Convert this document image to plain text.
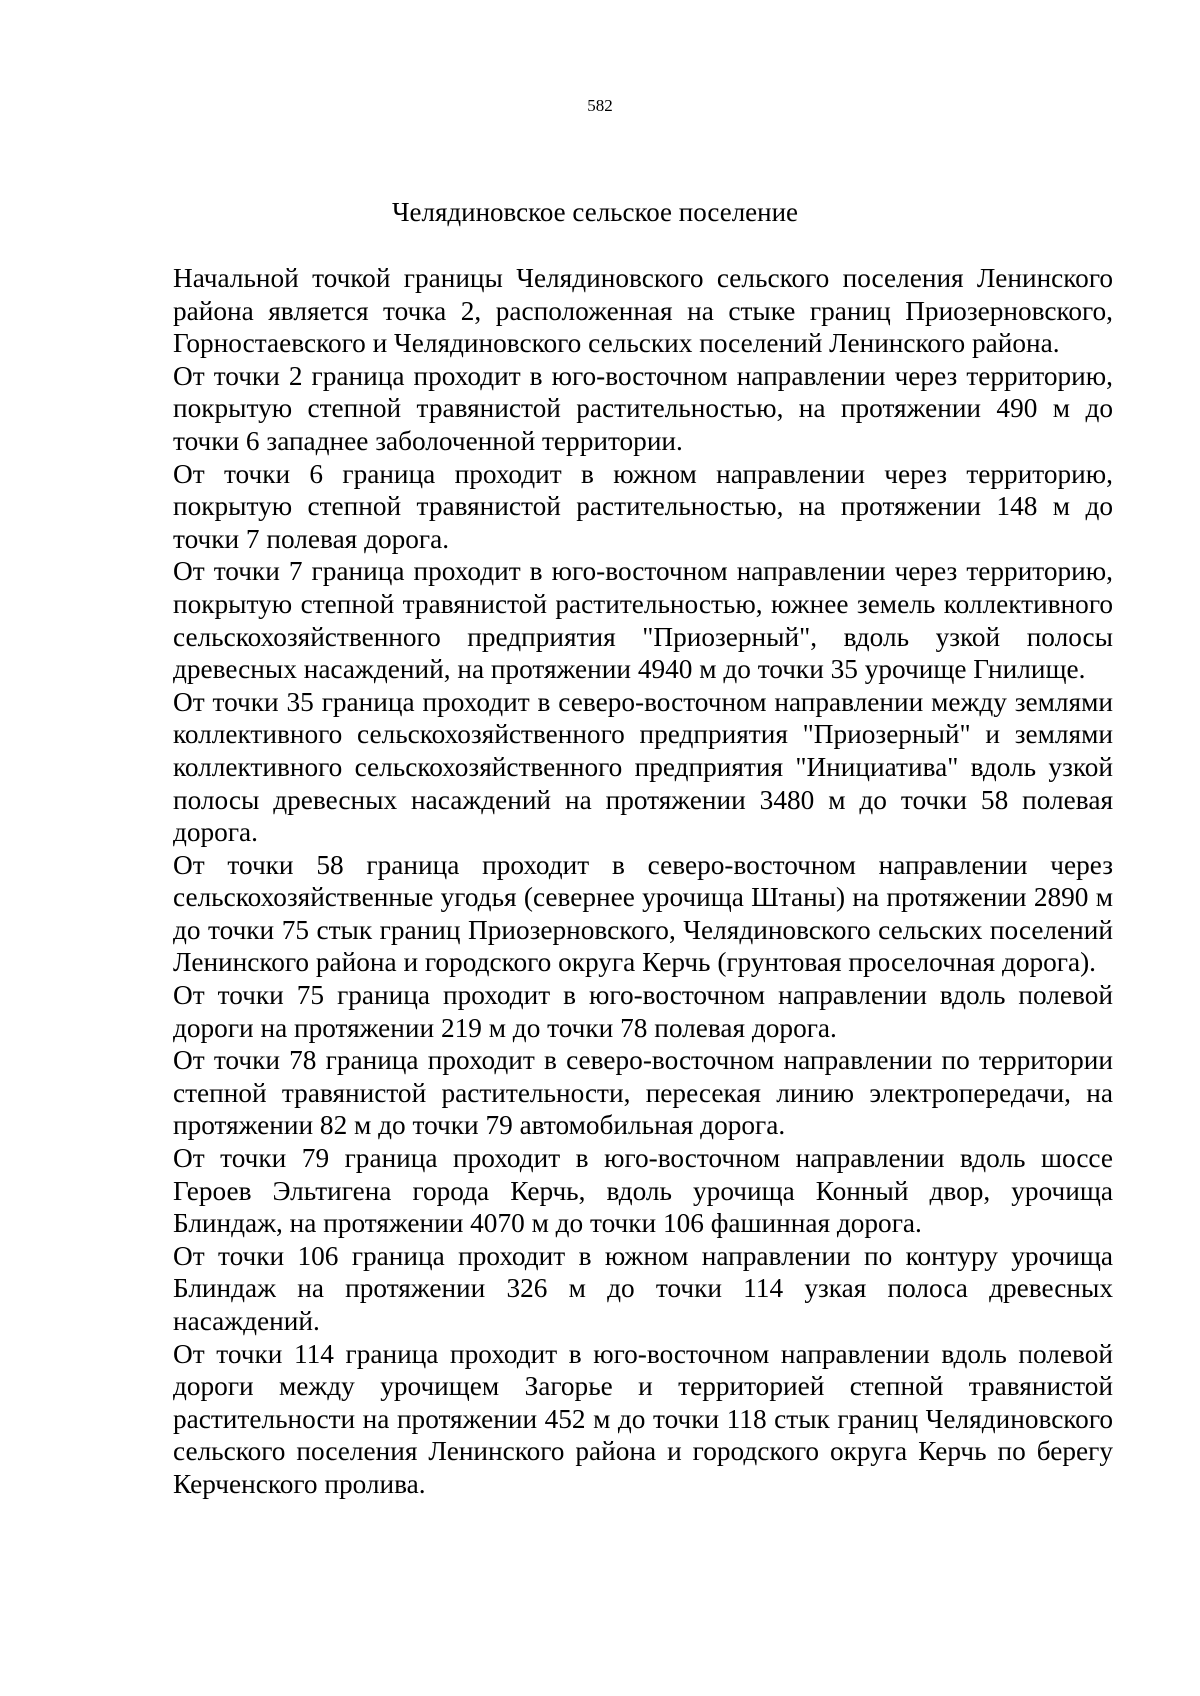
582
Челядиновское сельское поселение

Начальной точкой границы Челядиновского сельского поселения Ленинского района является точка 2, расположенная на стыке границ Приозерновского, Горностаевского и Челядиновского сельских поселений Ленинского района.

От точки 2 граница проходит в юго-восточном направлении через территорию, покрытую степной травянистой растительностью, на протяжении 490 м до точки 6 западнее заболоченной территории.

От точки 6 граница проходит в южном направлении через территорию, покрытую степной травянистой растительностью, на протяжении 148 м до точки 7 полевая дорога.

От точки 7 граница проходит в юго-восточном направлении через территорию, покрытую степной травянистой растительностью, южнее земель коллективного сельскохозяйственного предприятия "Приозерный", вдоль узкой полосы древесных насаждений, на протяжении 4940 м до точки 35 урочище Гнилище.

От точки 35 граница проходит в северо-восточном направлении между землями коллективного сельскохозяйственного предприятия "Приозерный" и землями коллективного сельскохозяйственного предприятия "Инициатива" вдоль узкой полосы древесных насаждений на протяжении 3480 м до точки 58 полевая дорога.

От точки 58 граница проходит в северо-восточном направлении через сельскохозяйственные угодья (севернее урочища Штаны) на протяжении 2890 м до точки 75 стык границ Приозерновского, Челядиновского сельских поселений Ленинского района и городского округа Керчь (грунтовая проселочная дорога).

От точки 75 граница проходит в юго-восточном направлении вдоль полевой дороги на протяжении 219 м до точки 78 полевая дорога.

От точки 78 граница проходит в северо-восточном направлении по территории степной травянистой растительности, пересекая линию электропередачи, на протяжении 82 м до точки 79 автомобильная дорога.

От точки 79 граница проходит в юго-восточном направлении вдоль шоссе Героев Эльтигена города Керчь, вдоль урочища Конный двор, урочища Блиндаж, на протяжении 4070 м до точки 106 фашинная дорога.

От точки 106 граница проходит в южном направлении по контуру урочища Блиндаж на протяжении 326 м до точки 114 узкая полоса древесных насаждений.

От точки 114 граница проходит в юго-восточном направлении вдоль полевой дороги между урочищем Загорье и территорией степной травянистой растительности на протяжении 452 м до точки 118 стык границ Челядиновского сельского поселения Ленинского района и городского округа Керчь по берегу Керченского пролива.
